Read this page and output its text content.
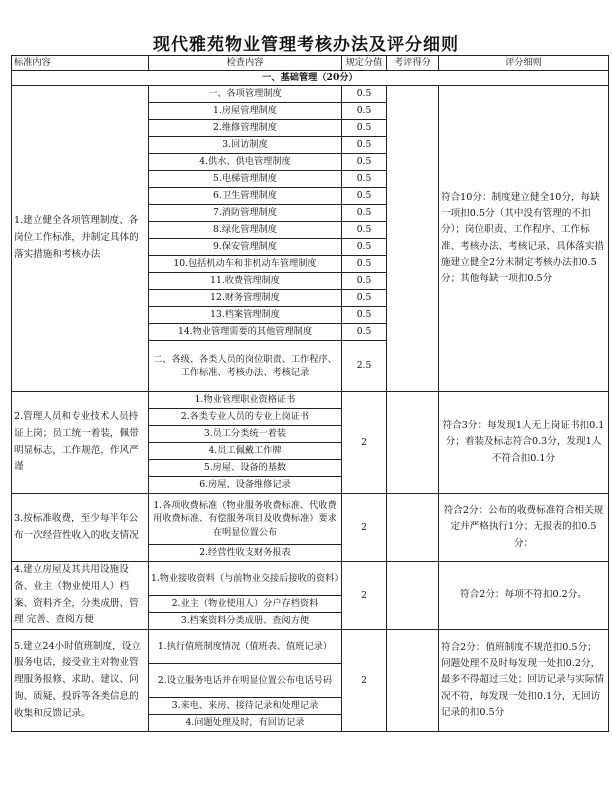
现代雅苑物业管理考核办法及评分细则
标准内容	检查内容	规定分值	考评得分	评分细则
一、基础管理（20分）				
1.建立健全各项管理制度、各岗位工作标准，并制定具体的落实措施和考核办法	一、各项管理制度	0.5		符合10分：制度建立健全10分，每缺一项扣0.5分（其中没有管理的不扣分）；岗位职责、工作程序、工作标准、考核办法、考核记录、具体落实措施建立健全2分未制定考核办法扣0.5分；其他每缺一项扣0.5分
	1.房屋管理制度	0.5		
	2.维修管理制度	0.5		
	3.回访制度	0.5		
	4.供水、供电管理制度	0.5		
	5.电梯管理制度	0.5		
	6.卫生管理制度	0.5		
	7.消防管理制度	0.5		
	8.绿化管理制度	0.5		
	9.保安管理制度	0.5		
	10.包括机动车和非机动车管理制度	0.5		
	11.收费管理制度	0.5		
	12.财务管理制度	0.5		
	13.档案管理制度	0.5		
	14.物业管理需要的其他管理制度	0.5		
	二、各级、各类人员的岗位职责、工作程序、工作标准、考核办法、考核记录	2.5		
2.管理人员和专业技术人员持证上岗；员工统一着装，佩带明显标志，工作规范，作风严谨	1.物业管理职业资格证书	2		符合3分：每发现1人无上岗证书扣0.1分；着装及标志符合0.3分，发现1人不符合扣0.1分
	2.各类专业人员的专业上岗证书			
	3.员工分类统一着装			
	4.员工佩戴工作牌			
	5.房屋、设备的基数			
	6.房屋、设备维修记录			
3.按标准收费，至少每半年公布一次经营性收入的收支情况	1.各项收费标准（物业服务收费标准、代收费用收费标准、有偿服务项目及收费标准）要求在明显位置公布	2		符合2分：公布的收费标准符合相关规定并严格执行1分；无报表的扣0.5分：
	2.经营性收支财务报表			
4.建立房屋及其共用设施设备、业主（物业使用人）档案、资料齐全，分类成册、管理 完善、查阅方便	1.物业接收资料（与前物业交接后接收的资料）	2		符合2分：每项不符扣0.2分。
	2.业主（物业使用人）分户存档资料			
	3.档案资料分类成册、查阅方便			
5.建立24小时值班制度，设立服务电话，接受业主对物业管理服务报修、求助、建议、问询、质疑、投诉等各类信息的收集和反馈记录。	1.执行值班制度情况（值班表、值班记录）	2		符合2分：值班制度不规范扣0.5分；问题处理不及时每发现一处扣0.2分，最多不得超过三处；回访记录与实际情况不符，每发现一处扣0.1分，无回访记录的扣0.5分
	2.设立服务电话并在明显位置公布电话号码			
	3.来电、来房、接待记录和处理记录			
	4.问题处理及时，有回访记录			
